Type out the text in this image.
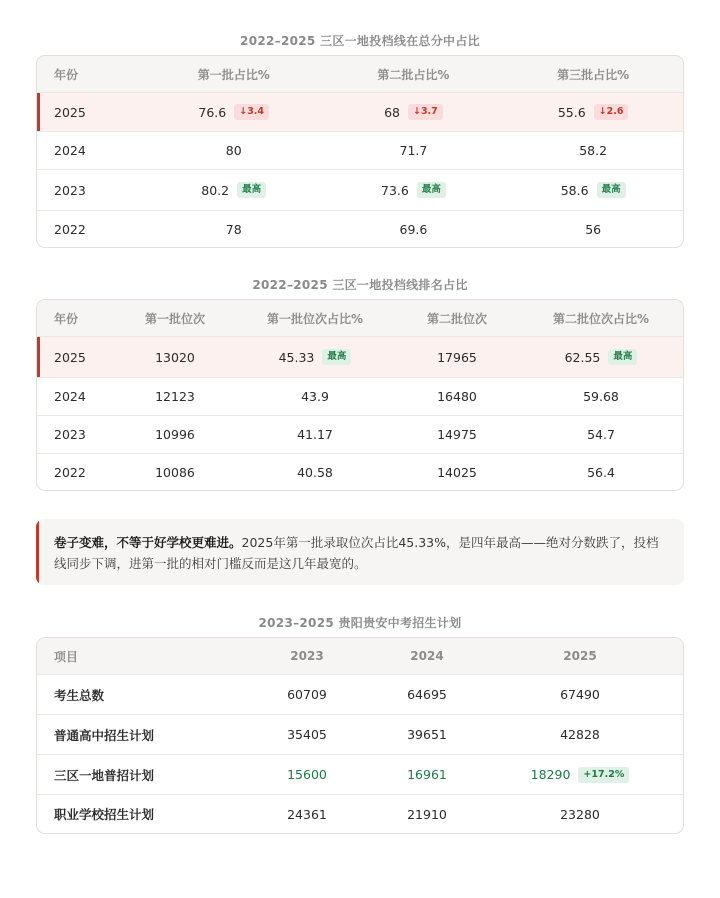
2022–2025 三区一地投档线在总分中占比
年份	第一批占比%	第二批占比%	第三批占比%
2025	76.6	↓3.4	68	↓3.7	55.6	↓2.6
2024	80	71.7	58.2
2023	80.2	最高	73.6	最高	58.6	最高
2022	78	69.6	56
2022–2025 三区一地投档线排名占比
年份	第一批位次	第一批位次占比%	第二批位次	第二批位次占比%
2025	13020	45.33	最高	17965	62.55	最高
2024	12123	43.9	16480	59.68
2023	10996	41.17	14975	54.7
2022	10086	40.58	14025	56.4
卷子变难，不等于好学校更难进。2025年第一批录取位次占比45.33%，是四年最高——绝对分数跌了，投档线同步下调，进第一批的相对门槛反而是这几年最宽的。
2023–2025 贵阳贵安中考招生计划
项目	2023	2024	2025
考生总数	60709	64695	67490
普通高中招生计划	35405	39651	42828
三区一地普招计划	15600	16961	18290	+17.2%
职业学校招生计划	24361	21910	23280
